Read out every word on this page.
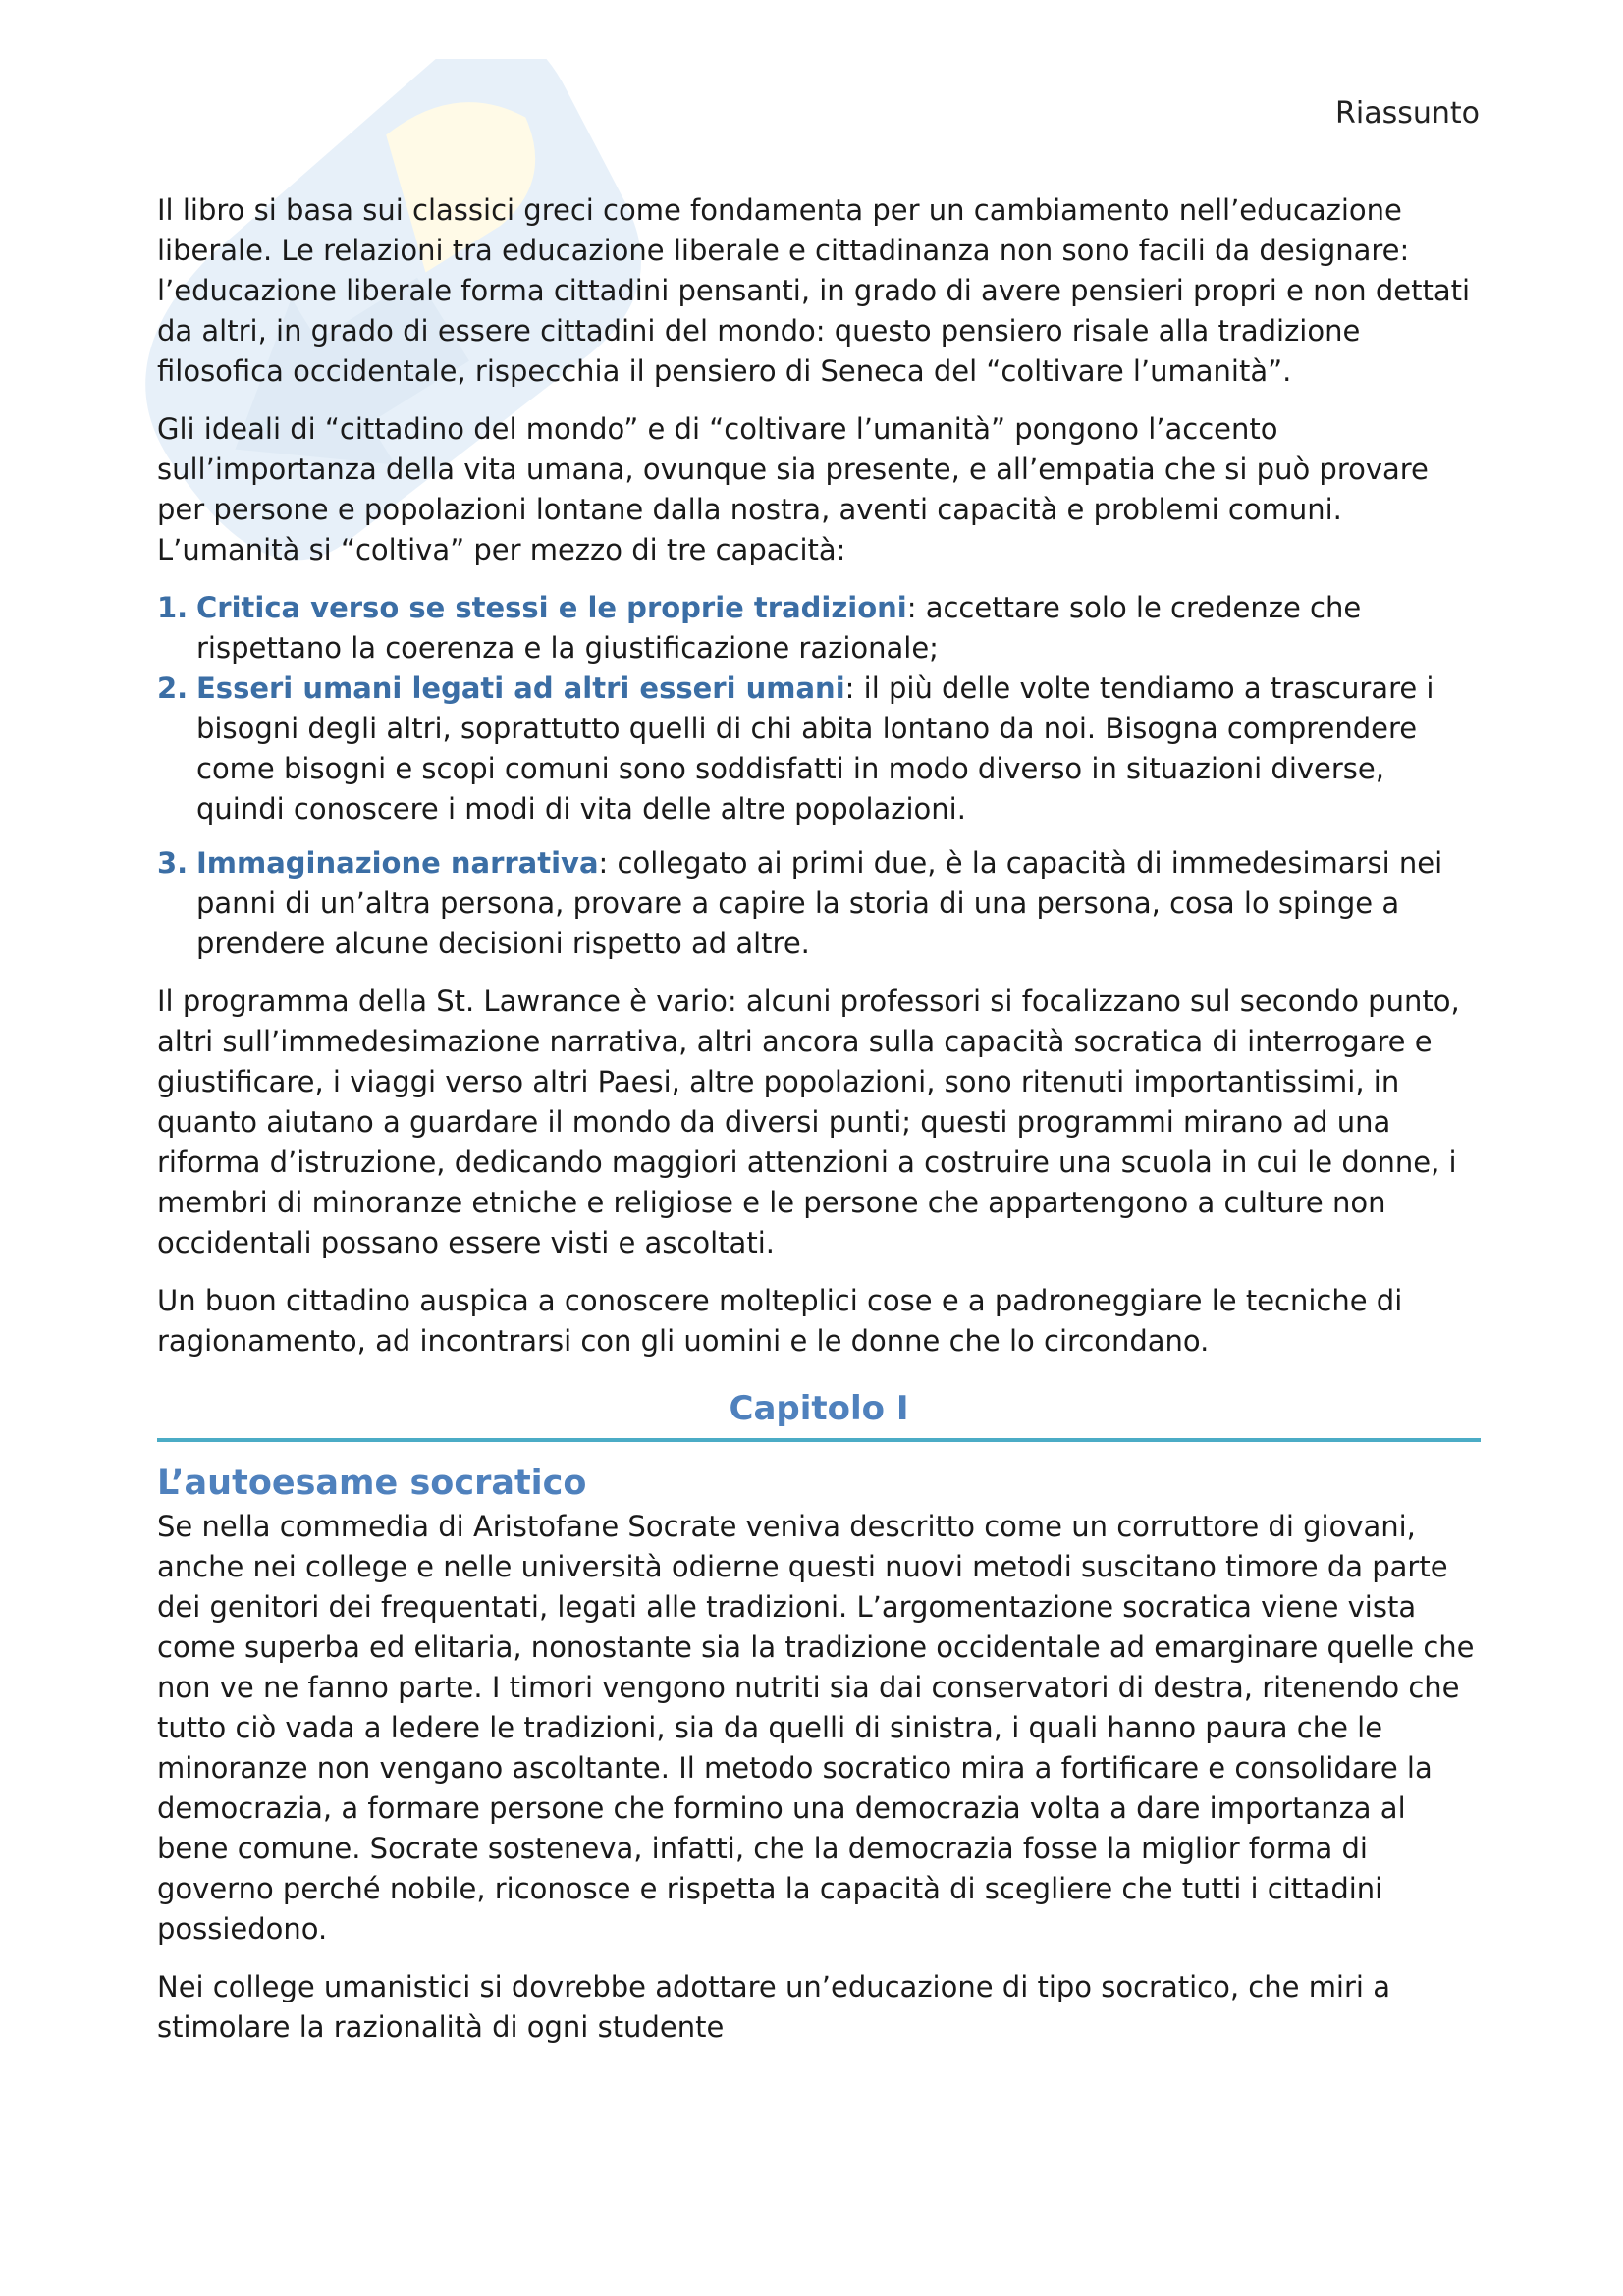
Riassunto

Il libro si basa sui classici greci come fondamenta per un cambiamento nell’educazione liberale. Le relazioni tra educazione liberale e cittadinanza non sono facili da designare: l’educazione liberale forma cittadini pensanti, in grado di avere pensieri propri e non dettati da altri, in grado di essere cittadini del mondo: questo pensiero risale alla tradizione filosofica occidentale, rispecchia il pensiero di Seneca del “coltivare l’umanità”.

Gli ideali di “cittadino del mondo” e di “coltivare l’umanità” pongono l’accento sull’importanza della vita umana, ovunque sia presente, e all’empatia che si può provare per persone e popolazioni lontane dalla nostra, aventi capacità e problemi comuni. L’umanità si “coltiva” per mezzo di tre capacità:

1. Critica verso se stessi e le proprie tradizioni: accettare solo le credenze che rispettano la coerenza e la giustificazione razionale;
2. Esseri umani legati ad altri esseri umani: il più delle volte tendiamo a trascurare i bisogni degli altri, soprattutto quelli di chi abita lontano da noi. Bisogna comprendere come bisogni e scopi comuni sono soddisfatti in modo diverso in situazioni diverse, quindi conoscere i modi di vita delle altre popolazioni.
3. Immaginazione narrativa: collegato ai primi due, è la capacità di immedesimarsi nei panni di un’altra persona, provare a capire la storia di una persona, cosa lo spinge a prendere alcune decisioni rispetto ad altre.

Il programma della St. Lawrance è vario: alcuni professori si focalizzano sul secondo punto, altri sull’immedesimazione narrativa, altri ancora sulla capacità socratica di interrogare e giustificare, i viaggi verso altri Paesi, altre popolazioni, sono ritenuti importantissimi, in quanto aiutano a guardare il mondo da diversi punti; questi programmi mirano ad una riforma d’istruzione, dedicando maggiori attenzioni a costruire una scuola in cui le donne, i membri di minoranze etniche e religiose e le persone che appartengono a culture non occidentali possano essere visti e ascoltati.

Un buon cittadino auspica a conoscere molteplici cose e a padroneggiare le tecniche di ragionamento, ad incontrarsi con gli uomini e le donne che lo circondano.

Capitolo I
L’autoesame socratico

Se nella commedia di Aristofane Socrate veniva descritto come un corruttore di giovani, anche nei college e nelle università odierne questi nuovi metodi suscitano timore da parte dei genitori dei frequentati, legati alle tradizioni. L’argomentazione socratica viene vista come superba ed elitaria, nonostante sia la tradizione occidentale ad emarginare quelle che non ve ne fanno parte. I timori vengono nutriti sia dai conservatori di destra, ritenendo che tutto ciò vada a ledere le tradizioni, sia da quelli di sinistra, i quali hanno paura che le minoranze non vengano ascoltante. Il metodo socratico mira a fortificare e consolidare la democrazia, a formare persone che formino una democrazia volta a dare importanza al bene comune. Socrate sosteneva, infatti, che la democrazia fosse la miglior forma di governo perché nobile, riconosce e rispetta la capacità di scegliere che tutti i cittadini possiedono.

Nei college umanistici si dovrebbe adottare un’educazione di tipo socratico, che miri a stimolare la razionalità di ogni studente
